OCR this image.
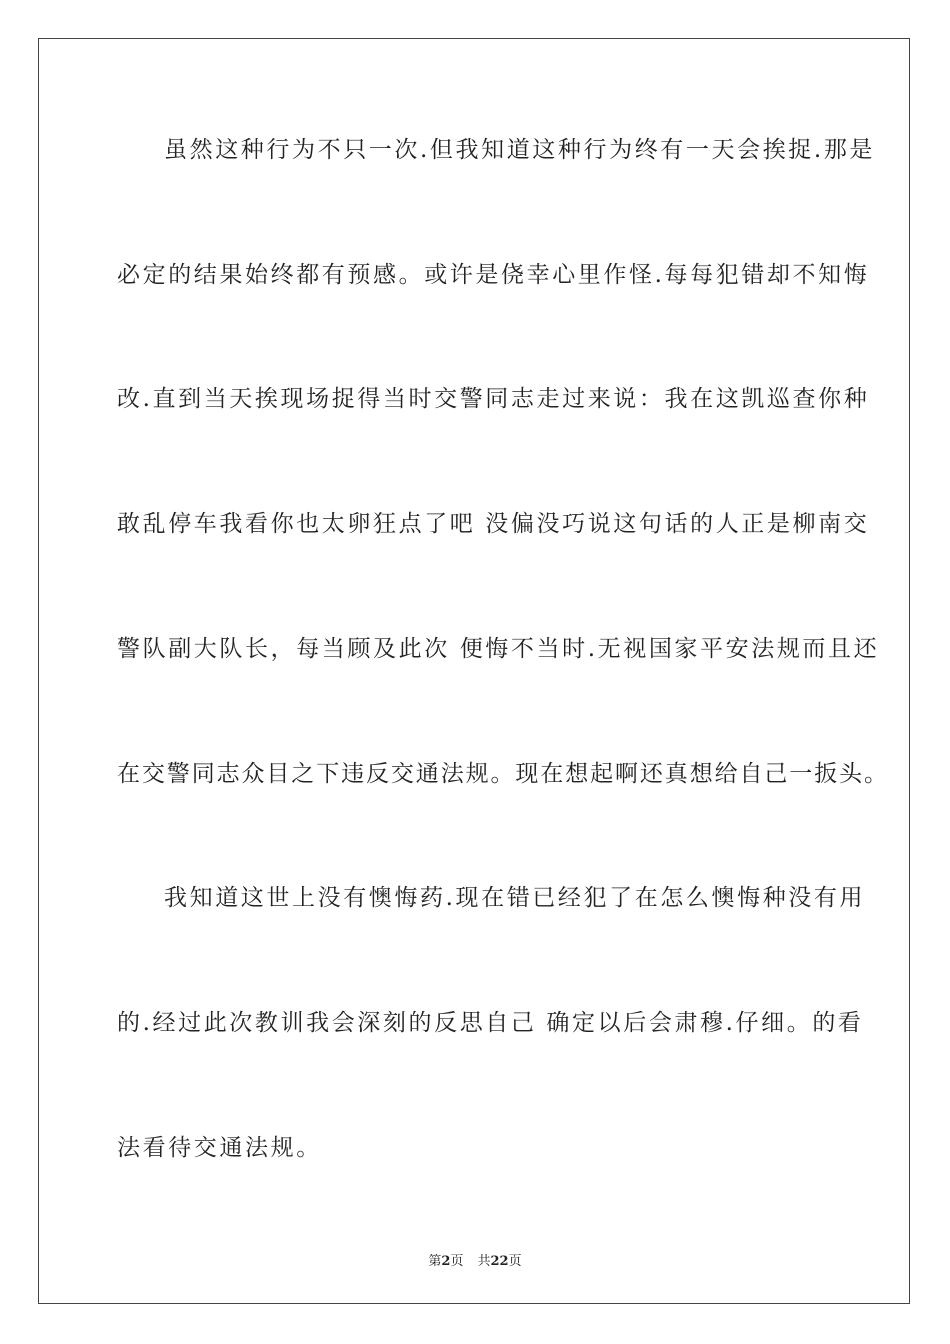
虽然这种行为不只一次.但我知道这种行为终有一天会挨捉.那是
必定的结果始终都有预感。或许是侥幸心里作怪.每每犯错却不知悔
改.直到当天挨现场捉得当时交警同志走过来说：我在这凯巡查你种
敢乱停车我看你也太卵狂点了吧 没偏没巧说这句话的人正是柳南交
警队副大队长，每当顾及此次 便悔不当时.无视国家平安法规而且还
在交警同志众目之下违反交通法规。现在想起啊还真想给自己一扳头。
我知道这世上没有懊悔药.现在错已经犯了在怎么懊悔种没有用
的.经过此次教训我会深刻的反思自己 确定以后会肃穆.仔细。的看
法看待交通法规。
第2页 共22页
